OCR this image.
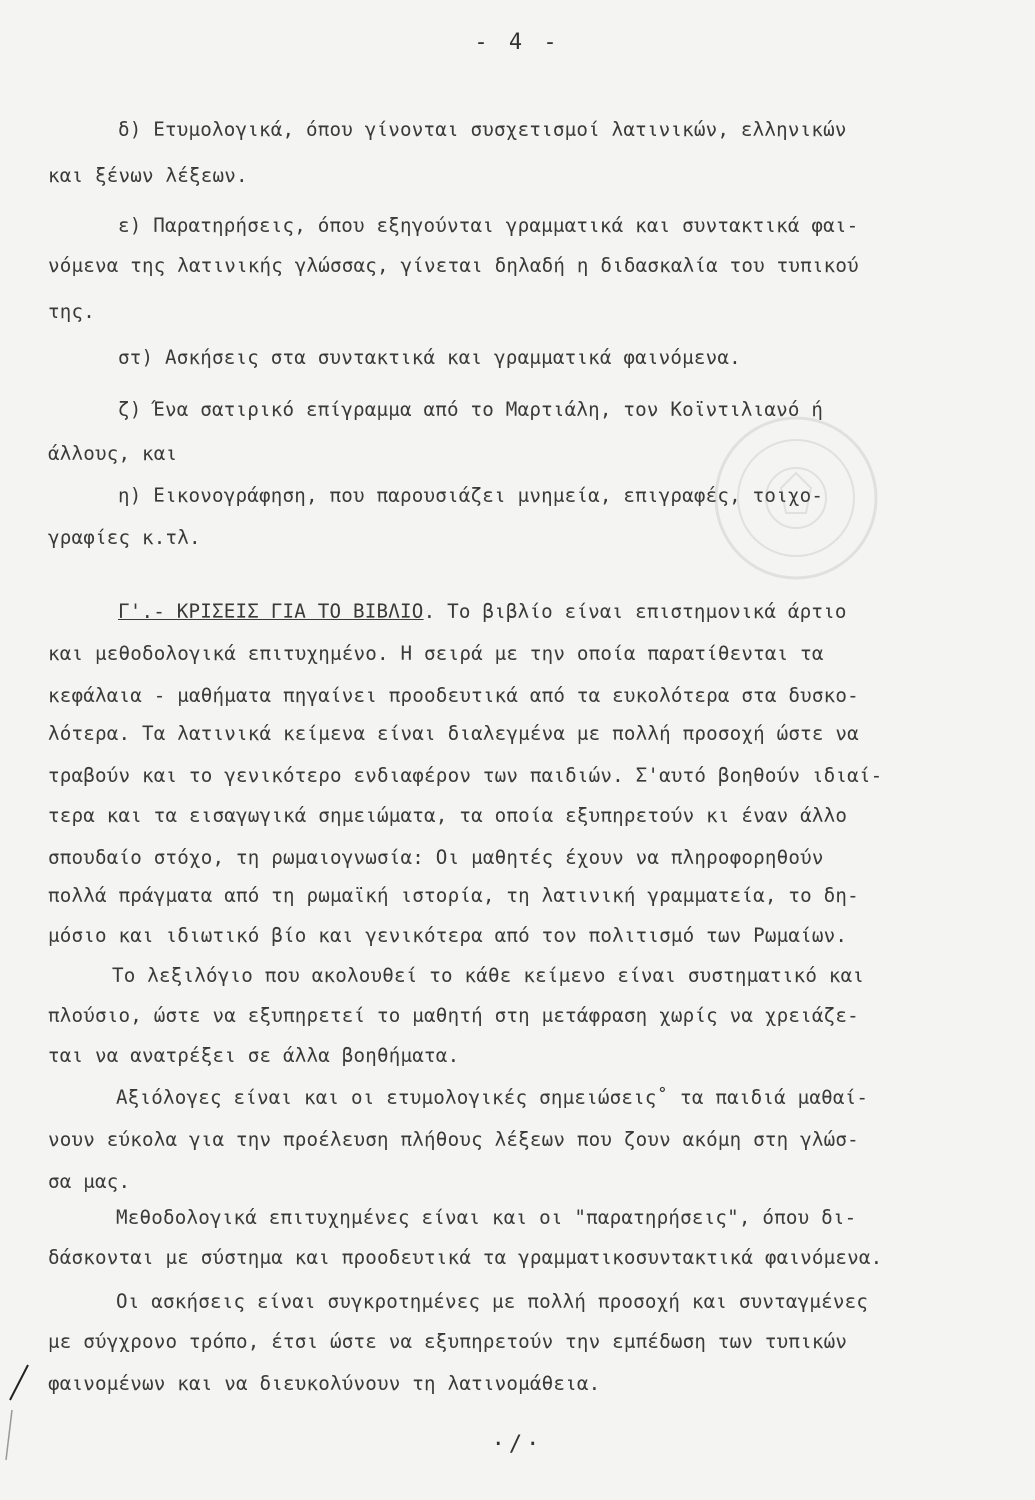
- 4 -
δ) Ετυμολογικά, όπου γίνονται συσχετισμοί λατινικών, ελληνικών
και ξένων λέξεων.
ε) Παρατηρήσεις, όπου εξηγούνται γραμματικά και συντακτικά φαι-
νόμενα της λατινικής γλώσσας, γίνεται δηλαδή η διδασκαλία του τυπικού
της.
στ) Ασκήσεις στα συντακτικά και γραμματικά φαινόμενα.
ζ) Ένα σατιρικό επίγραμμα από το Μαρτιάλη, τον Κοϊντιλιανό ή
άλλους, και
η) Εικονογράφηση, που παρουσιάζει μνημεία, επιγραφές, τοιχο-
γραφίες κ.τλ.
Γ'.- ΚΡΙΣΕΙΣ ΓΙΑ ΤΟ ΒΙΒΛΙΟ. Το βιβλίο είναι επιστημονικά άρτιο
και μεθοδολογικά επιτυχημένο. Η σειρά με την οποία παρατίθενται τα
κεφάλαια - μαθήματα πηγαίνει προοδευτικά από τα ευκολότερα στα δυσκο-
λότερα. Τα λατινικά κείμενα είναι διαλεγμένα με πολλή προσοχή ώστε να
τραβούν και το γενικότερο ενδιαφέρον των παιδιών. Σ'αυτό βοηθούν ιδιαί-
τερα και τα εισαγωγικά σημειώματα, τα οποία εξυπηρετούν κι έναν άλλο
σπουδαίο στόχο, τη ρωμαιογνωσία: Οι μαθητές έχουν να πληροφορηθούν
πολλά πράγματα από τη ρωμαϊκή ιστορία, τη λατινική γραμματεία, το δη-
μόσιο και ιδιωτικό βίο και γενικότερα από τον πολιτισμό των Ρωμαίων.
Το λεξιλόγιο που ακολουθεί το κάθε κείμενο είναι συστηματικό και
πλούσιο, ώστε να εξυπηρετεί το μαθητή στη μετάφραση χωρίς να χρειάζε-
ται να ανατρέξει σε άλλα βοηθήματα.
Αξιόλογες είναι και οι ετυμολογικές σημειώσεις˚ τα παιδιά μαθαί-
νουν εύκολα για την προέλευση πλήθους λέξεων που ζουν ακόμη στη γλώσ-
σα μας.
Μεθοδολογικά επιτυχημένες είναι και οι "παρατηρήσεις", όπου δι-
δάσκονται με σύστημα και προοδευτικά τα γραμματικοσυντακτικά φαινόμενα.
Οι ασκήσεις είναι συγκροτημένες με πολλή προσοχή και συνταγμένες
με σύγχρονο τρόπο, έτσι ώστε να εξυπηρετούν την εμπέδωση των τυπικών
φαινομένων και να διευκολύνουν τη λατινομάθεια.
·/·
